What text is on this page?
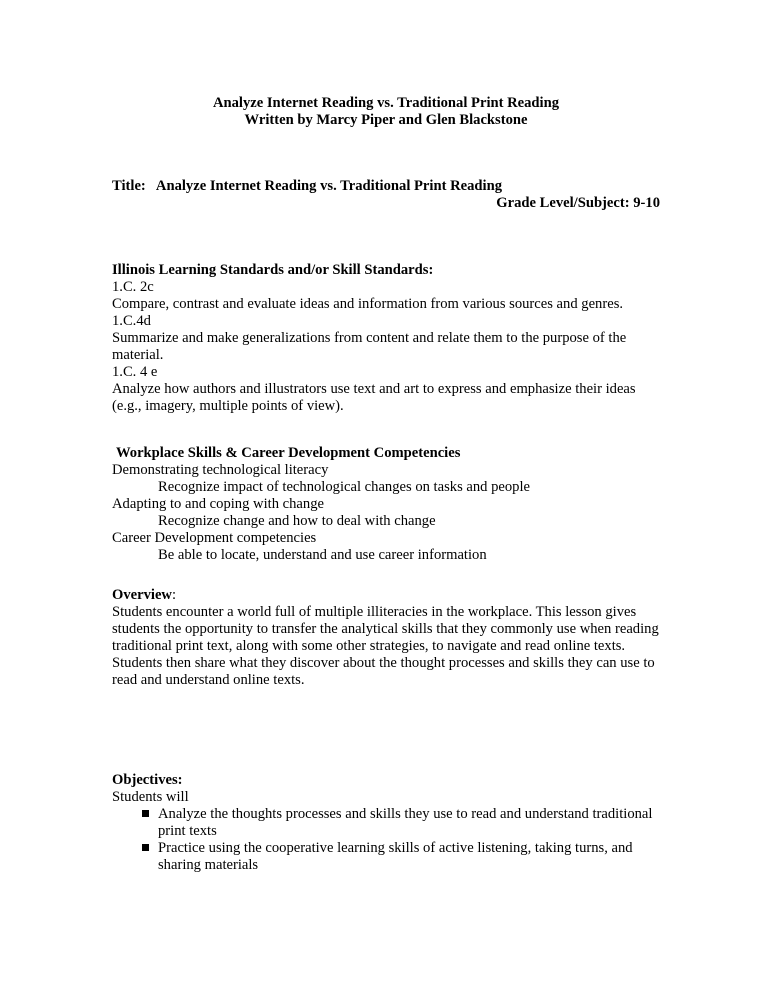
Analyze Internet Reading vs. Traditional Print Reading
Written by Marcy Piper and Glen Blackstone
Title: Analyze Internet Reading vs. Traditional Print Reading
Grade Level/Subject: 9-10
Illinois Learning Standards and/or Skill Standards:
1.C. 2c
Compare, contrast and evaluate ideas and information from various sources and genres.
1.C.4d
Summarize and make generalizations from content and relate them to the purpose of the material.
1.C. 4 e
Analyze how authors and illustrators use text and art to express and emphasize their ideas (e.g., imagery, multiple points of view).
Workplace Skills & Career Development Competencies
Demonstrating technological literacy
Recognize impact of technological changes on tasks and people
Adapting to and coping with change
Recognize change and how to deal with change
Career Development competencies
Be able to locate, understand and use career information
Overview:

Students encounter a world full of multiple illiteracies in the workplace. This lesson gives students the opportunity to transfer the analytical skills that they commonly use when reading traditional print text, along with some other strategies, to navigate and read online texts. Students then share what they discover about the thought processes and skills they can use to read and understand online texts.

Objectives:
Students will
Analyze the thoughts processes and skills they use to read and understand traditional print texts
Practice using the cooperative learning skills of active listening, taking turns, and sharing materials
